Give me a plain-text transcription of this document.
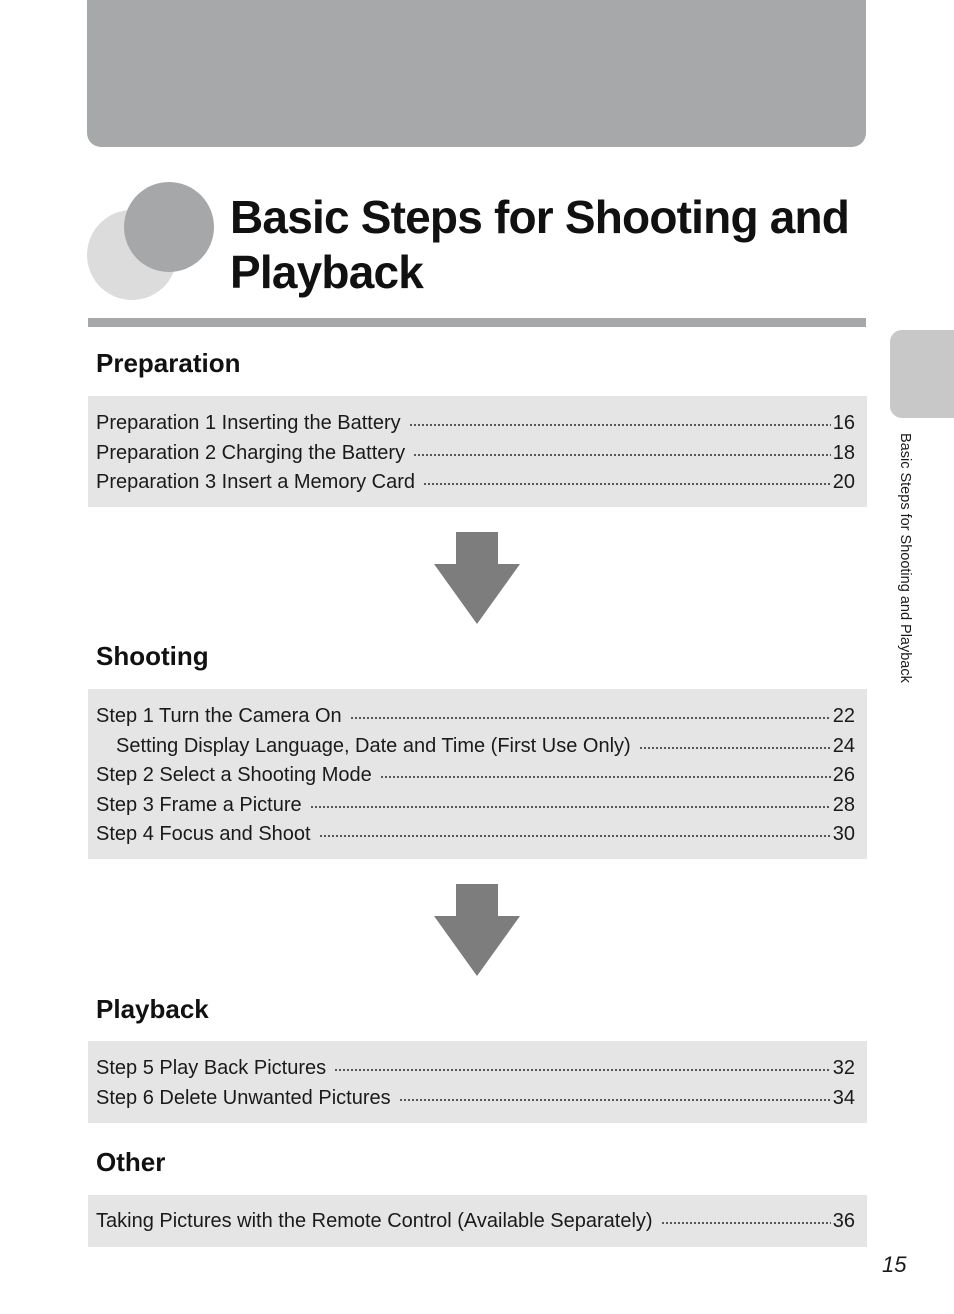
Basic Steps for Shooting and Playback
Basic Steps for Shooting and Playback
Preparation
Preparation 1 Inserting the Battery	16
Preparation 2 Charging the Battery	18
Preparation 3 Insert a Memory Card	20
Shooting
Step 1 Turn the Camera On	22
Setting Display Language, Date and Time (First Use Only)	24
Step 2 Select a Shooting Mode	26
Step 3 Frame a Picture	28
Step 4 Focus and Shoot	30
Playback
Step 5 Play Back Pictures	32
Step 6 Delete Unwanted Pictures	34
Other
Taking Pictures with the Remote Control (Available Separately)	36
15
